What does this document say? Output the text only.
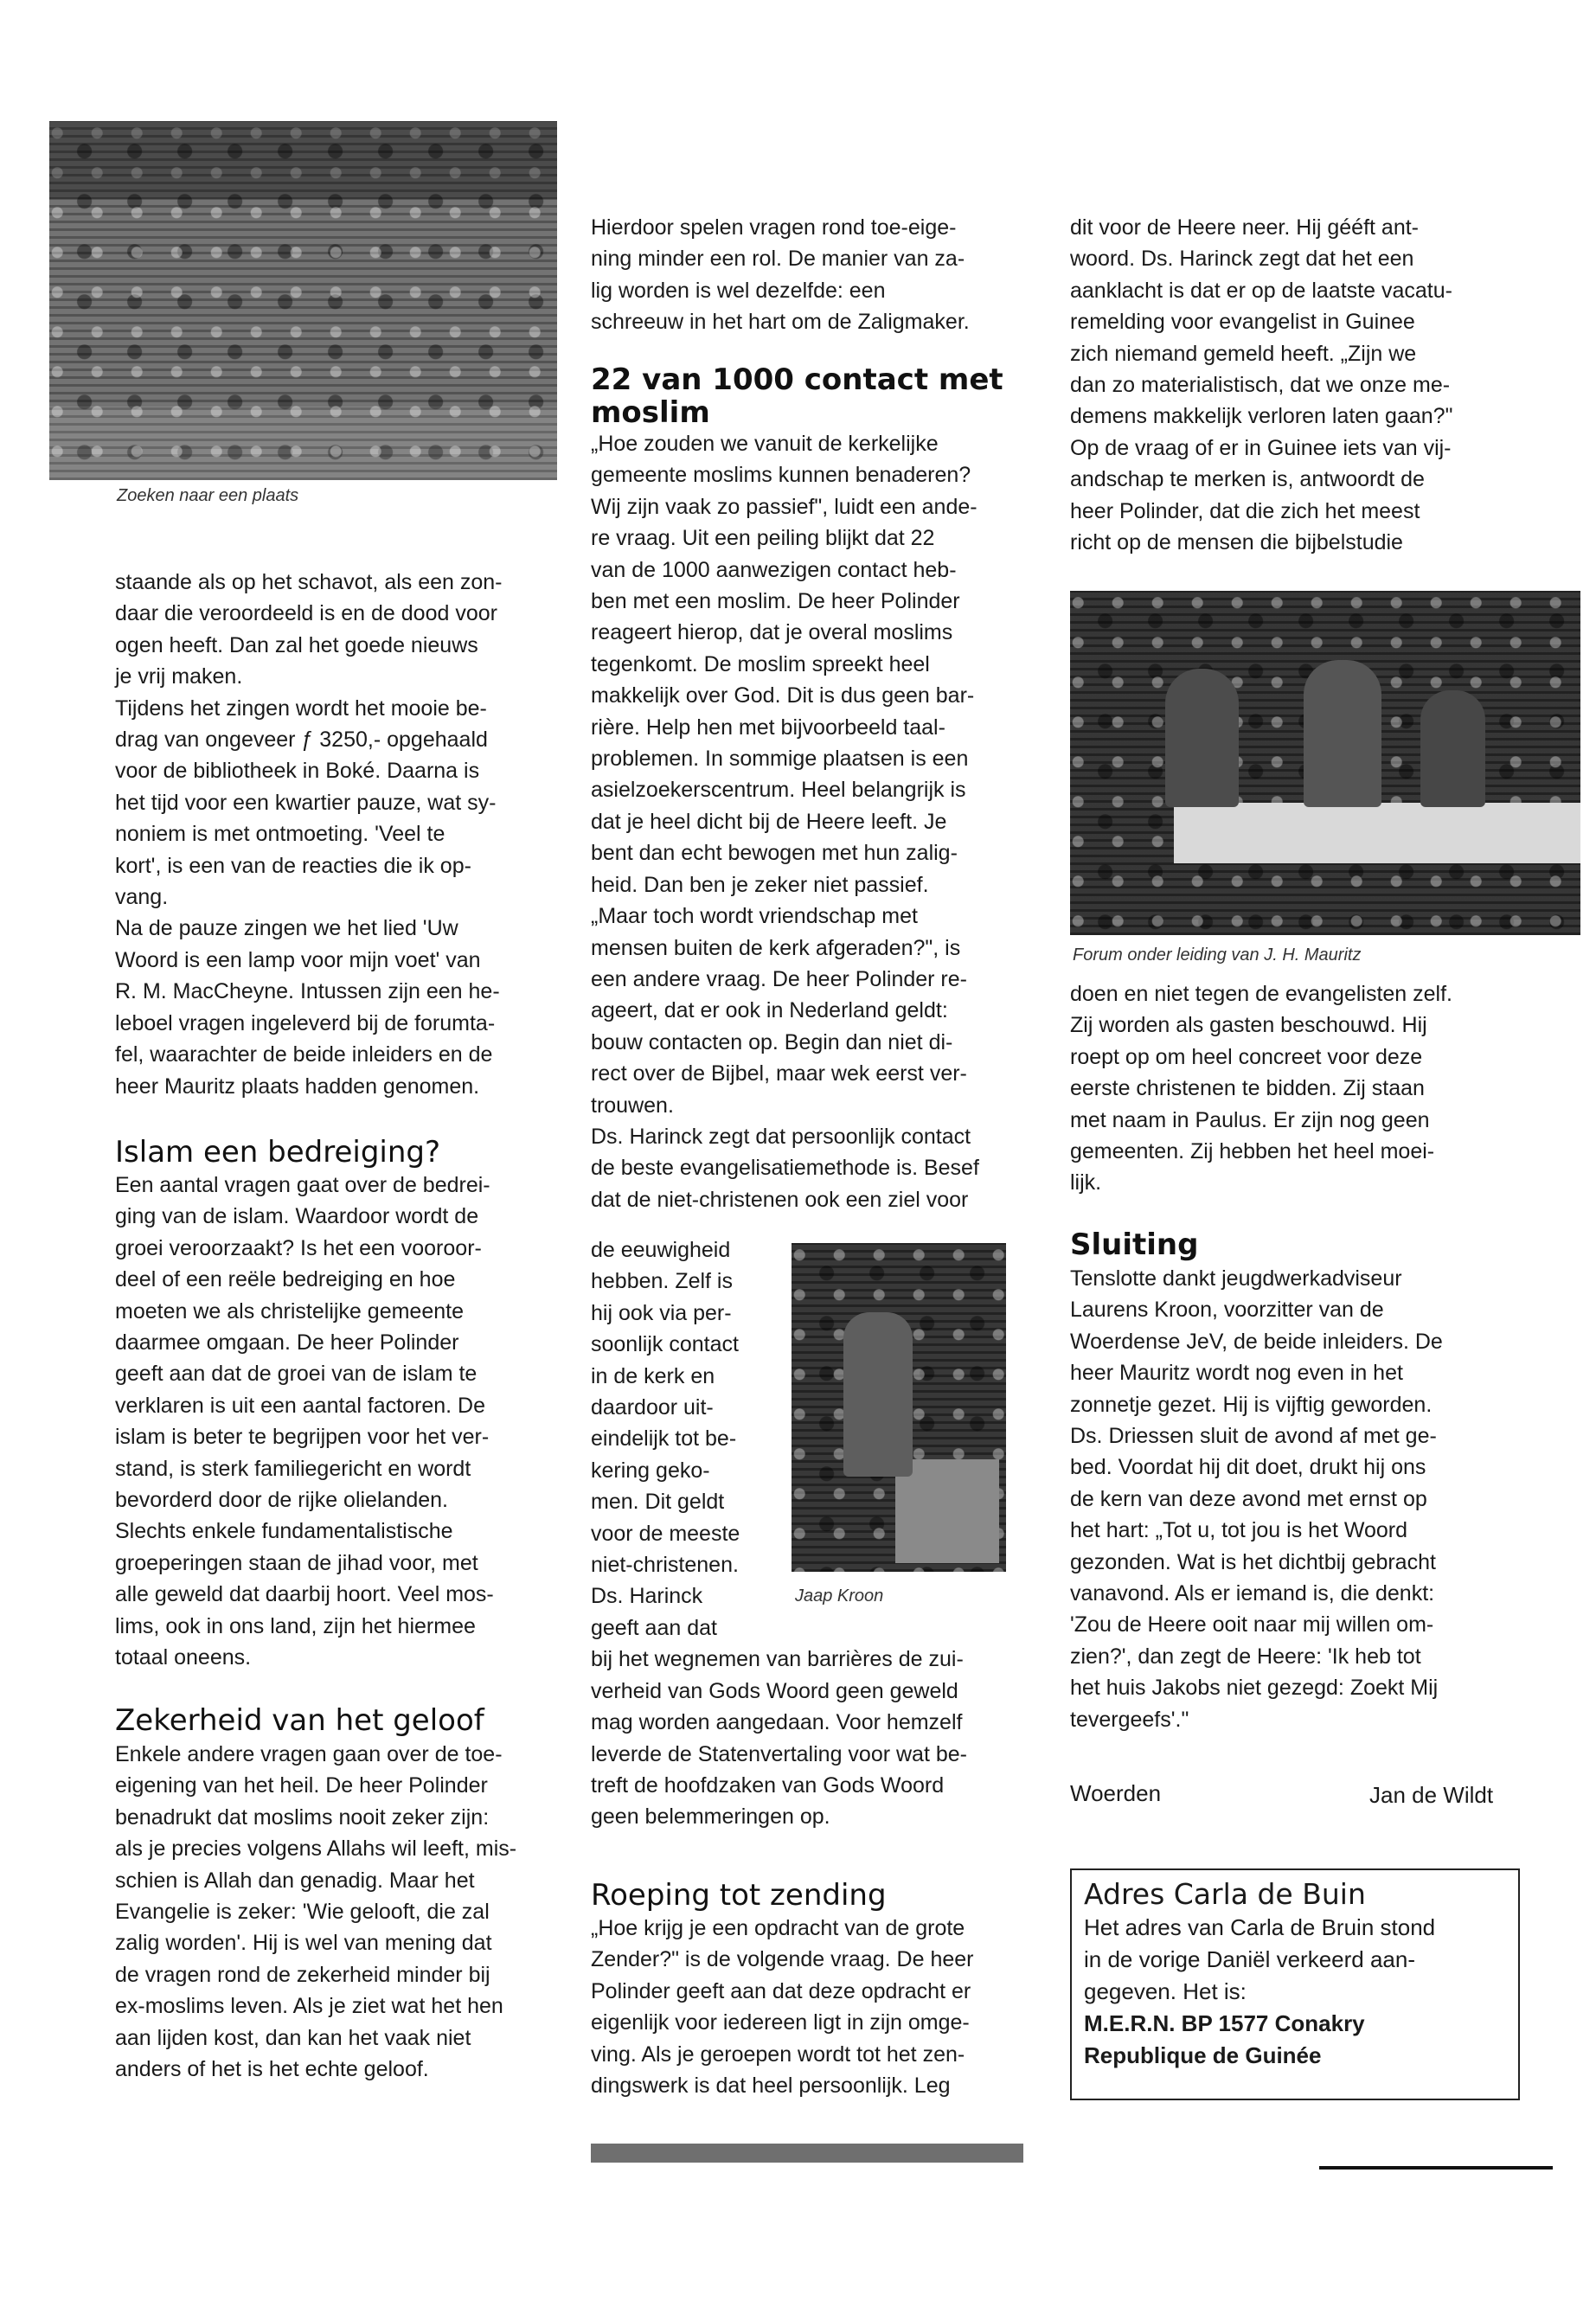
Zoeken naar een plaats

staande als op het schavot, als een zon-
daar die veroordeeld is en de dood voor
ogen heeft. Dan zal het goede nieuws
je vrij maken.
Tijdens het zingen wordt het mooie be-
drag van ongeveer ƒ 3250,- opgehaald
voor de bibliotheek in Boké. Daarna is
het tijd voor een kwartier pauze, wat sy-
noniem is met ontmoeting. 'Veel te
kort', is een van de reacties die ik op-
vang.
Na de pauze zingen we het lied 'Uw
Woord is een lamp voor mijn voet' van
R. M. MacCheyne. Intussen zijn een he-
leboel vragen ingeleverd bij de forumta-
fel, waarachter de beide inleiders en de
heer Mauritz plaats hadden genomen.

Islam een bedreiging?

Een aantal vragen gaat over de bedrei-
ging van de islam. Waardoor wordt de
groei veroorzaakt? Is het een vooroor-
deel of een reële bedreiging en hoe
moeten we als christelijke gemeente
daarmee omgaan. De heer Polinder
geeft aan dat de groei van de islam te
verklaren is uit een aantal factoren. De
islam is beter te begrijpen voor het ver-
stand, is sterk familiegericht en wordt
bevorderd door de rijke olielanden.
Slechts enkele fundamentalistische
groeperingen staan de jihad voor, met
alle geweld dat daarbij hoort. Veel mos-
lims, ook in ons land, zijn het hiermee
totaal oneens.

Zekerheid van het geloof

Enkele andere vragen gaan over de toe-
eigening van het heil. De heer Polinder
benadrukt dat moslims nooit zeker zijn:
als je precies volgens Allahs wil leeft, mis-
schien is Allah dan genadig. Maar het
Evangelie is zeker: 'Wie gelooft, die zal
zalig worden'. Hij is wel van mening dat
de vragen rond de zekerheid minder bij
ex-moslims leven. Als je ziet wat het hen
aan lijden kost, dan kan het vaak niet
anders of het is het echte geloof.

Hierdoor spelen vragen rond toe-eige-
ning minder een rol. De manier van za-
lig worden is wel dezelfde: een
schreeuw in het hart om de Zaligmaker.

22 van 1000 contact met
moslim

„Hoe zouden we vanuit de kerkelijke
gemeente moslims kunnen benaderen?
Wij zijn vaak zo passief", luidt een ande-
re vraag. Uit een peiling blijkt dat 22
van de 1000 aanwezigen contact heb-
ben met een moslim. De heer Polinder
reageert hierop, dat je overal moslims
tegenkomt. De moslim spreekt heel
makkelijk over God. Dit is dus geen bar-
rière. Help hen met bijvoorbeeld taal-
problemen. In sommige plaatsen is een
asielzoekerscentrum. Heel belangrijk is
dat je heel dicht bij de Heere leeft. Je
bent dan echt bewogen met hun zalig-
heid. Dan ben je zeker niet passief.
„Maar toch wordt vriendschap met
mensen buiten de kerk afgeraden?", is
een andere vraag. De heer Polinder re-
ageert, dat er ook in Nederland geldt:
bouw contacten op. Begin dan niet di-
rect over de Bijbel, maar wek eerst ver-
trouwen.
Ds. Harinck zegt dat persoonlijk contact
de beste evangelisatiemethode is. Besef
dat de niet-christenen ook een ziel voor

Jaap Kroon

de eeuwigheid
hebben. Zelf is
hij ook via per-
soonlijk contact
in de kerk en
daardoor uit-
eindelijk tot be-
kering geko-
men. Dit geldt
voor de meeste
niet-christenen.
Ds. Harinck
geeft aan dat
bij het wegnemen van barrières de zui-
verheid van Gods Woord geen geweld
mag worden aangedaan. Voor hemzelf
leverde de Statenvertaling voor wat be-
treft de hoofdzaken van Gods Woord
geen belemmeringen op.

Roeping tot zending

„Hoe krijg je een opdracht van de grote
Zender?" is de volgende vraag. De heer
Polinder geeft aan dat deze opdracht er
eigenlijk voor iedereen ligt in zijn omge-
ving. Als je geroepen wordt tot het zen-
dingswerk is dat heel persoonlijk. Leg

dit voor de Heere neer. Hij gééft ant-
woord. Ds. Harinck zegt dat het een
aanklacht is dat er op de laatste vacatu-
remelding voor evangelist in Guinee
zich niemand gemeld heeft. „Zijn we
dan zo materialistisch, dat we onze me-
demens makkelijk verloren laten gaan?"
Op de vraag of er in Guinee iets van vij-
andschap te merken is, antwoordt de
heer Polinder, dat die zich het meest
richt op de mensen die bijbelstudie

Forum onder leiding van J. H. Mauritz

doen en niet tegen de evangelisten zelf.
Zij worden als gasten beschouwd. Hij
roept op om heel concreet voor deze
eerste christenen te bidden. Zij staan
met naam in Paulus. Er zijn nog geen
gemeenten. Zij hebben het heel moei-
lijk.

Sluiting

Tenslotte dankt jeugdwerkadviseur
Laurens Kroon, voorzitter van de
Woerdense JeV, de beide inleiders. De
heer Mauritz wordt nog even in het
zonnetje gezet. Hij is vijftig geworden.
Ds. Driessen sluit de avond af met ge-
bed. Voordat hij dit doet, drukt hij ons
de kern van deze avond met ernst op
het hart: „Tot u, tot jou is het Woord
gezonden. Wat is het dichtbij gebracht
vanavond. Als er iemand is, die denkt:
'Zou de Heere ooit naar mij willen om-
zien?', dan zegt de Heere: 'Ik heb tot
het huis Jakobs niet gezegd: Zoekt Mij
tevergeefs'."

Woerden	Jan de Wildt

Adres Carla de Buin

Het adres van Carla de Bruin stond
in de vorige Daniël verkeerd aan-
gegeven. Het is:

M.E.R.N. BP 1577 Conakry
Republique de Guinée
